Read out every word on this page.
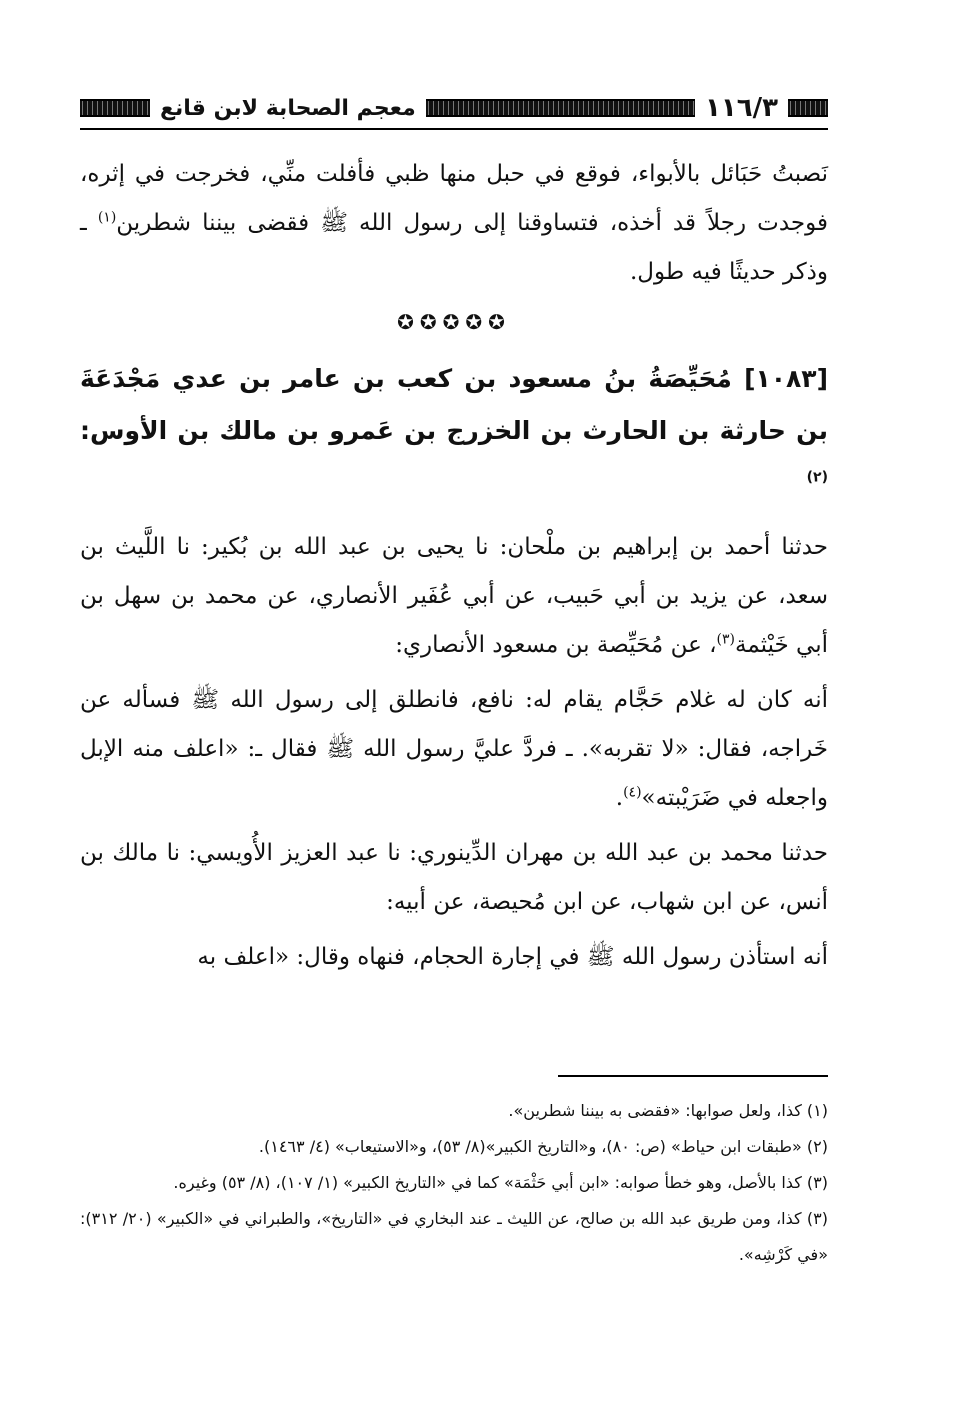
١١٦/٣
معجم الصحابة لابن قانع

نَصبتُ حَبَائل بالأبواء، فوقع في حبل منها ظبي فأفلت منِّي، فخرجت في إثره، فوجدت رجلاً قد أخذه، فتساوقنا إلى رسول الله ﷺ فقضى بيننا شطرين$^{(١)}$ ـ وذكر حديثًا فيه طول.

✪✪✪✪✪

[١٠٨٣] مُحَيِّصَةُ بنُ مسعود بن كعب بن عامر بن عدي مَجْدَعَةَ بن حارثة بن الحارث بن الخزرج بن عَمرو بن مالك بن الأوس:$^{(٢)}$

حدثنا أحمد بن إبراهيم بن ملْحان: نا يحيى بن عبد الله بن بُكير: نا اللَّيث بن سعد، عن يزيد بن أبي حَبيب، عن أبي عُفَير الأنصاري، عن محمد بن سهل بن أبي خَيْثمة$^{(٣)}$، عن مُحَيِّصة بن مسعود الأنصاري:

أنه كان له غلام حَجَّام يقام له: نافع، فانطلق إلى رسول الله ﷺ فسأله عن خَراجه، فقال: «لا تقربه». ـ فردَّ عليَّ رسول الله ﷺ فقال ـ: «اعلف منه الإبل واجعله في ضَرَيْبته»$^{(٤)}$.

حدثنا محمد بن عبد الله بن مهران الدِّينوري: نا عبد العزيز الأُويسي: نا مالك بن أنس، عن ابن شهاب، عن ابن مُحيصة، عن أبيه:

أنه استأذن رسول الله ﷺ في إجارة الحجام، فنهاه وقال: «اعلف به

(١) كذا، ولعل صوابها: «فقضى به بيننا شطرين».

(٢) «طبقات ابن حياط» (ص: ٨٠)، و«التاريخ الكبير»(٨/ ٥٣)، و«الاستيعاب» (٤/ ١٤٦٣).

(٣) كذا بالأصل، وهو خطأ صوابه: «ابن أبي حَثْمَة» كما في «التاريخ الكبير» (١/ ١٠٧)، (٨/ ٥٣) وغيره.

(٣) كذا، ومن طريق عبد الله بن صالح، عن الليث ـ عند البخاري في «التاريخ»، والطبراني في «الكبير» (٢٠/ ٣١٢): «في كَرْشِه».
